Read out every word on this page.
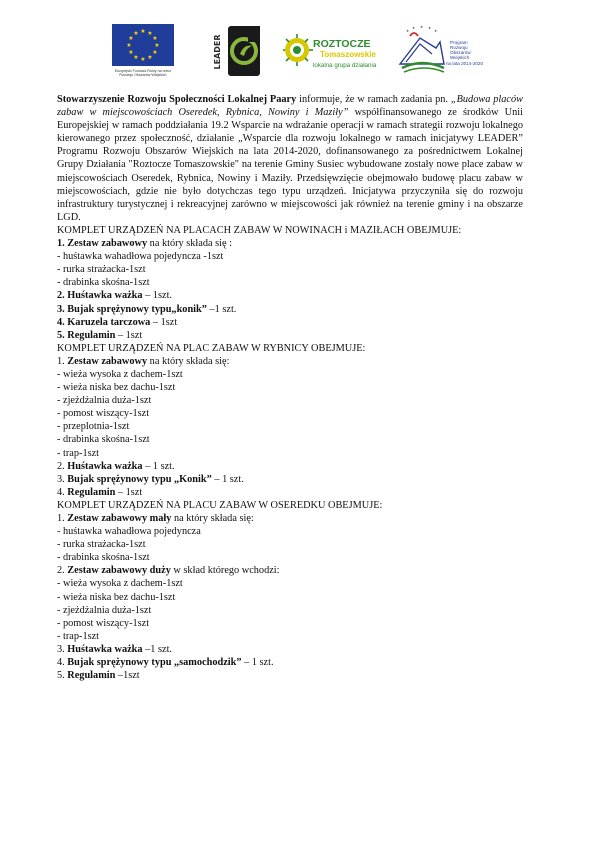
★ ★
★
★
★
★
★
★
★
★
★
★
Europejski Fundusz Rolny na rzecz
Rozwoju Obszarów Wiejskich
LEADER	ROZTOCZE
Tomaszowskie
lokalna grupa działania
★
★ ★ ★
★
Program
Rozwoju
Obszarów
Wiejskich
na lata 2014-2020

Stowarzyszenie Rozwoju Społeczności Lokalnej Paary informuje, że w ramach zadania pn. „Budowa placów zabaw w miejscowościach Oseredek, Rybnica, Nowiny i Maziły” współfinansowanego ze środków Unii Europejskiej w ramach poddziałania 19.2 Wsparcie na wdrażanie operacji w ramach strategii rozwoju lokalnego kierowanego przez społeczność, działanie „Wsparcie dla rozwoju lokalnego w ramach inicjatywy LEADER” Programu Rozwoju Obszarów Wiejskich na lata 2014-2020, dofinansowanego za pośrednictwem Lokalnej Grupy Działania "Roztocze Tomaszowskie" na terenie Gminy Susiec wybudowane zostały nowe place zabaw w miejscowościach Oseredek, Rybnica, Nowiny i Maziły. Przedsięwzięcie obejmowało budowę placu zabaw w miejscowościach, gdzie nie było dotychczas tego typu urządzeń. Inicjatywa przyczyniła się do rozwoju infrastruktury turystycznej i rekreacyjnej zarówno w miejscowości jak również na terenie gminy i na obszarze LGD.

KOMPLET URZĄDZEŃ NA PLACACH ZABAW W NOWINACH i MAZIŁACH OBEJMUJE:
1. Zestaw zabawowy na który składa się :
- huśtawka wahadłowa pojedyncza -1szt
- rurka strażacka-1szt
- drabinka skośna-1szt
2. Huśtawka ważka – 1szt.
3. Bujak sprężynowy typu„konik” –1 szt.
4. Karuzela tarczowa – 1szt
5. Regulamin – 1szt
KOMPLET URZĄDZEŃ NA PLAC ZABAW W RYBNICY OBEJMUJE:
1. Zestaw zabawowy na który składa się:
- wieża wysoka z dachem-1szt
- wieża niska bez dachu-1szt
- zjeżdżalnia duża-1szt
- pomost wiszący-1szt
- przeplotnia-1szt
- drabinka skośna-1szt
- trap-1szt
2. Huśtawka ważka – 1 szt.
3. Bujak sprężynowy typu „Konik” – 1 szt.
4. Regulamin – 1szt
KOMPLET URZĄDZEŃ NA PLACU ZABAW W OSEREDKU OBEJMUJE:
1. Zestaw zabawowy mały na który składa się:
- huśtawka wahadłowa pojedyncza
- rurka strażacka-1szt
- drabinka skośna-1szt
2. Zestaw zabawowy duży w skład którego wchodzi:
- wieża wysoka z dachem-1szt
- wieża niska bez dachu-1szt
- zjeżdżalnia duża-1szt
- pomost wiszący-1szt
- trap-1szt
3. Huśtawka ważka –1 szt.
4. Bujak sprężynowy typu „samochodzik” – 1 szt.
5. Regulamin –1szt
